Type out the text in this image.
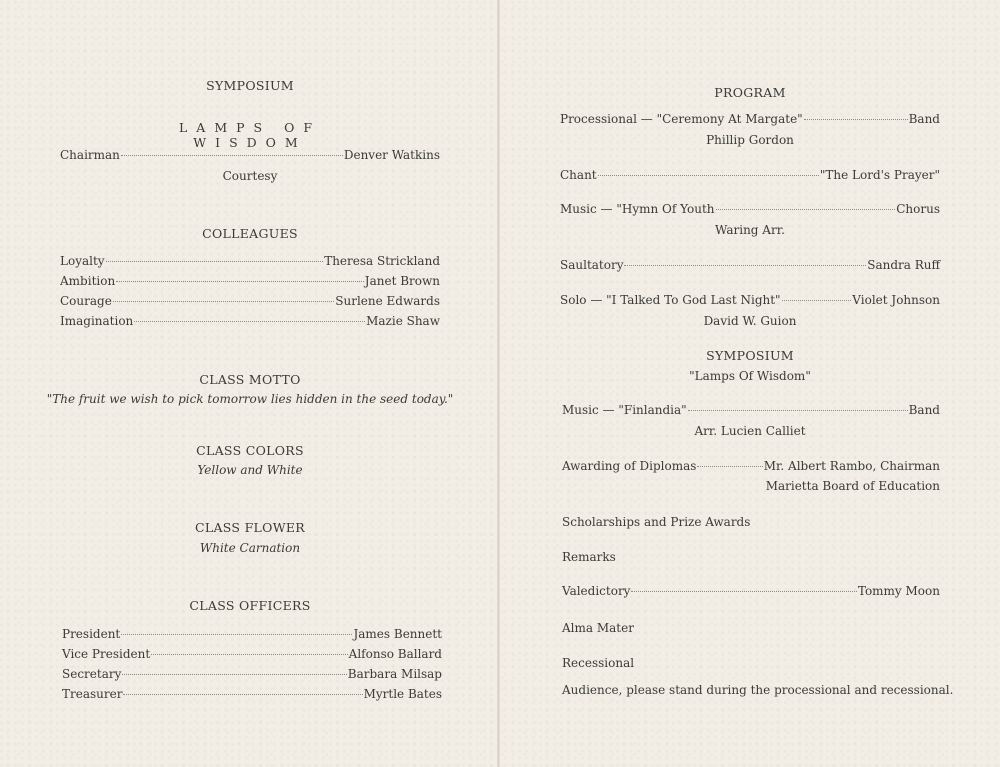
SYMPOSIUM
LAMPS OF WISDOM
Chairman	Denver Watkins
Courtesy
COLLEAGUES
Loyalty	Theresa Strickland
Ambition	Janet Brown
Courage	Surlene Edwards
Imagination	Mazie Shaw
CLASS MOTTO
"The fruit we wish to pick tomorrow lies hidden in the seed today."
CLASS COLORS
Yellow and White
CLASS FLOWER
White Carnation
CLASS OFFICERS
President	James Bennett
Vice President	Alfonso Ballard
Secretary	Barbara Milsap
Treasurer	Myrtle Bates
PROGRAM
Processional — "Ceremony At Margate"	Band
Phillip Gordon
Chant	"The Lord's Prayer"
Music — "Hymn Of Youth	Chorus
Waring Arr.
Saultatory	Sandra Ruff
Solo — "I Talked To God Last Night"	Violet Johnson
David W. Guion
SYMPOSIUM
"Lamps Of Wisdom"
Music — "Finlandia"	Band
Arr. Lucien Calliet
Awarding of Diplomas	Mr. Albert Rambo, Chairman
Marietta Board of Education
Scholarships and Prize Awards
Remarks
Valedictory	Tommy Moon
Alma Mater
Recessional
Audience, please stand during the processional and recessional.
